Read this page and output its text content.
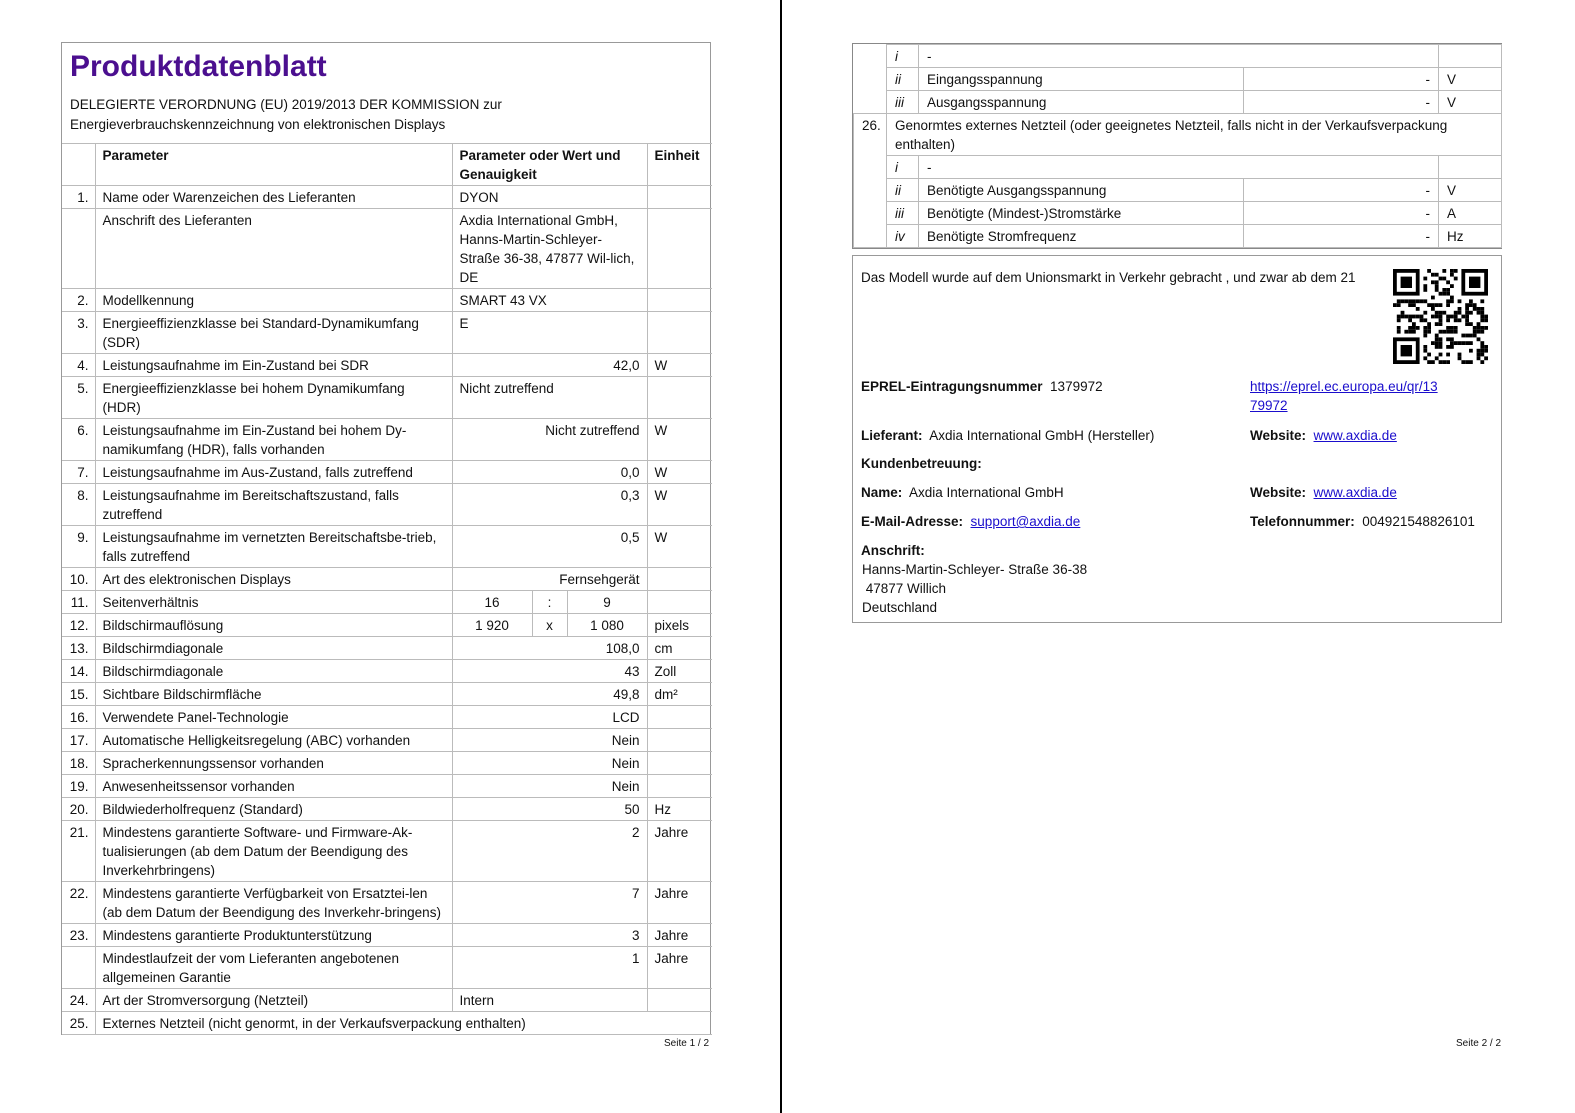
Produktdatenblatt
DELEGIERTE VERORDNUNG (EU) 2019/2013 DER KOMMISSION zur
Energieverbrauchskennzeichnung von elektronischen Displays
	Parameter	Parameter oder Wert und Genauigkeit			Einheit
1.	Name oder Warenzeichen des Lieferanten	DYON			
	Anschrift des Lieferanten	Axdia International GmbH, Hanns-Martin-Schleyer-Straße 36-38, 47877 Wil-lich, DE			
2.	Modellkennung	SMART 43 VX			
3.	Energieeffizienzklasse bei Standard-Dynamikumfang (SDR)	E			
4.	Leistungsaufnahme im Ein-Zustand bei SDR	42,0			W
5.	Energieeffizienzklasse bei hohem Dynamikumfang (HDR)	Nicht zutreffend			
6.	Leistungsaufnahme im Ein-Zustand bei hohem Dy-namikumfang (HDR), falls vorhanden	Nicht zutreffend			W
7.	Leistungsaufnahme im Aus-Zustand, falls zutreffend	0,0			W
8.	Leistungsaufnahme im Bereitschaftszustand, falls zutreffend	0,3			W
9.	Leistungsaufnahme im vernetzten Bereitschaftsbe-trieb, falls zutreffend	0,5			W
10.	Art des elektronischen Displays	Fernsehgerät			
11.	Seitenverhältnis	16	:	9	
12.	Bildschirmauflösung	1 920	x	1 080	pixels
13.	Bildschirmdiagonale	108,0			cm
14.	Bildschirmdiagonale	43			Zoll
15.	Sichtbare Bildschirmfläche	49,8			dm²
16.	Verwendete Panel-Technologie	LCD			
17.	Automatische Helligkeitsregelung (ABC) vorhanden	Nein			
18.	Spracherkennungssensor vorhanden	Nein			
19.	Anwesenheitssensor vorhanden	Nein			
20.	Bildwiederholfrequenz (Standard)	50			Hz
21.	Mindestens garantierte Software- und Firmware-Ak-tualisierungen (ab dem Datum der Beendigung des Inverkehrbringens)	2			Jahre
22.	Mindestens garantierte Verfügbarkeit von Ersatztei-len (ab dem Datum der Beendigung des Inverkehr-bringens)	7			Jahre
23.	Mindestens garantierte Produktunterstützung	3			Jahre
	Mindestlaufzeit der vom Lieferanten angebotenen allgemeinen Garantie	1			Jahre
24.	Art der Stromversorgung (Netzteil)	Intern			
25.	Externes Netzteil (nicht genormt, in der Verkaufsverpackung enthalten)				
Seite 1 / 2
	i	-		
	ii	Eingangsspannung	-	V
	iii	Ausgangsspannung	-	V
26.	Genormtes externes Netzteil (oder geeignetes Netzteil, falls nicht in der Verkaufsverpackung enthalten)			
	i	-		
	ii	Benötigte Ausgangsspannung	-	V
	iii	Benötigte (Mindest-)Stromstärke	-	A
	iv	Benötigte Stromfrequenz	-	Hz
Das Modell wurde auf dem Unionsmarkt in Verkehr gebracht , und zwar ab dem 21
EPREL-Eintragungsnummer 1379972	https://eprel.ec.europa.eu/qr/13
79972
Lieferant: Axdia International GmbH (Hersteller)	Website: www.axdia.de
Kundenbetreuung:
Name: Axdia International GmbH	Website: www.axdia.de
E-Mail-Adresse: support@axdia.de	Telefonnummer: 004921548826101
Anschrift:
Hanns-Martin-Schleyer- Straße 36-38
47877 Willich
Deutschland
Seite 2 / 2
